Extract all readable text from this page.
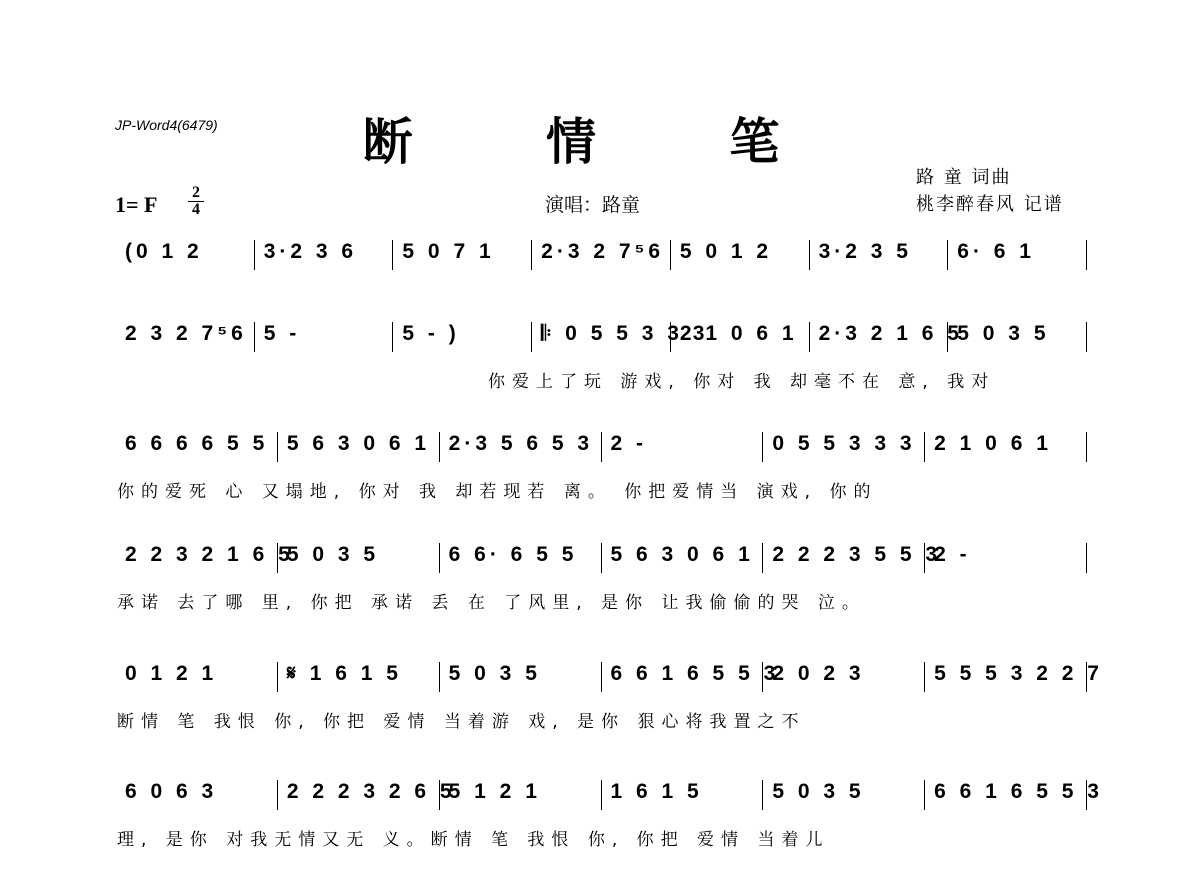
JP-Word4(6479)	断 情 笔
1= F	2
4	演唱：路童
路 童 词曲
桃李醉春风 记谱
(0 1 2	3·2 3 6 5 0 7 1 2·3 2 7⁵6 5 0 1 2 3·2 3 5 6· 6 1
2 3 2 7⁵6 5 -	5 - )	𝄆 0 5 5 3 3 3
2 1 0 6 1 2·3 2 1 6 5
5 0 3 5
你爱上了玩 游戏, 你对 我 却毫不在 意, 我对
6 6 6 6 5 5 5 6 3 0 6 1 2·3 5 6 5 3 2 -	0 5 5 3 3 3 2 1 0 6 1
你的爱死 心 又塌地, 你对 我 却若现若 离。 你把爱情当 演戏, 你的
2 2 3 2 1 6 5
5 0 3 5	6 6· 6 5 5 5 6 3 0 6 1 2 2 2 3 5 5 3
2 -
承诺 去了哪 里, 你把 承诺 丢 在 了风里, 是你 让我偷偷的哭 泣。
0 1 2 1	𝄋 1 6 1 5 5 0 3 5	6 6 1 6 5 5 3
2 0 2 3	5 5 5 3 2 2 7
断情 笔 我恨 你, 你把 爱情 当着游 戏, 是你 狠心将我置之不
6 0 6 3	2 2 2 3 2 6 5
5 1 2 1	1 6 1 5	5 0 3 5	6 6 1 6 5 5 3
理, 是你 对我无情又无 义。断情 笔 我恨 你, 你把 爱情 当着儿
